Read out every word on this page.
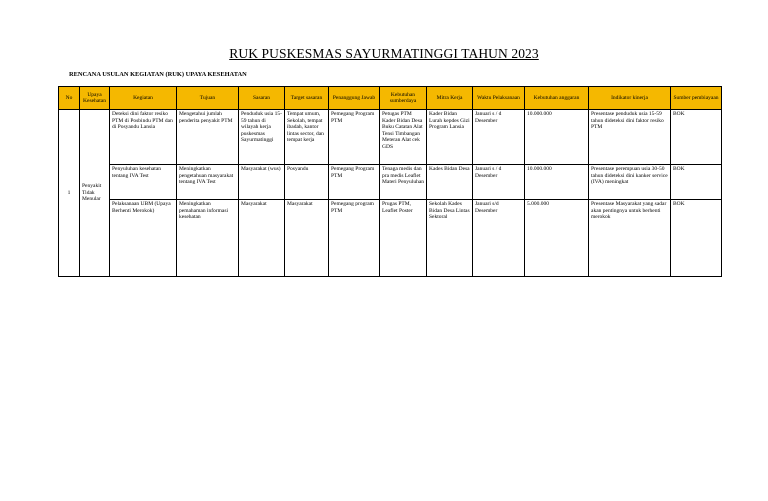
RUK PUSKESMAS SAYURMATINGGI TAHUN 2023
RENCANA USULAN KEGIATAN (RUK) UPAYA KESEHATAN
No	Upaya Kesehatan	Kegiatan	Tujuan	Sasaran	Target sasaran	Penanggung Jawab	Kebutuhan sumberdaya	Mitra Kerja	Waktu Pelaksanaan	Kebutuhan anggaran	Indikator kinerja	Sumber pembiayaan
1	Penyakit Tidak Menular	Deteksi dini faktor resiko PTM di Posbindu PTM dan di Posyandu Lansia	Mengetahui jumlah penderita penyakit PTM	Penduduk usia 15-59 tahun di wilayah kerja puskesmas Sayurmatinggi	Tempat umum, Sekolah, tempat ibadah, kantor lintas sector, dan tempat kerja	Pemegang Program PTM	Petugas PTM Kader Bidan Desa Buku Catatan Alat Tensi Timbangan Meteran Alat cek GDS	Kader Bidan Lurah kepdes Gizi Program Lansia	Januari s / d Desember	10.000.000	Presentase penduduk usia 15-59 tahun dideteksi dini faktor resiko PTM	BOK
		Penyuluhan kesehatan tentang IVA Test	Meningkatkan pengetahuan masyarakat tentang IVA Test	Masyarakat (wus)	Posyandu	Pemegang Program PTM	Tenaga medis dan pra medis Leaflet Materi Penyuluhan	Kades Bidan Desa	Januari s / d Desember	10.000.000	Presentase perempuan usia 30-50 tahun dideteksi dini kanker service (IVA) meningkat	BOK
		Pelaksanaan UBM (Upaya Berhenti Merokok)	Meningkatkan pemahaman informasi kesehatan	Masyarakat	Masyarakat	Pemegang program PTM	Prugas PTM, Leaflet Poster	Sekolah Kades Bidan Desa Lintas Sektoral	Januari s/d Desember	5.000.000	Presentase Masyarakat yang sadar akan pentingnya untuk berhenti merokok	BOK
